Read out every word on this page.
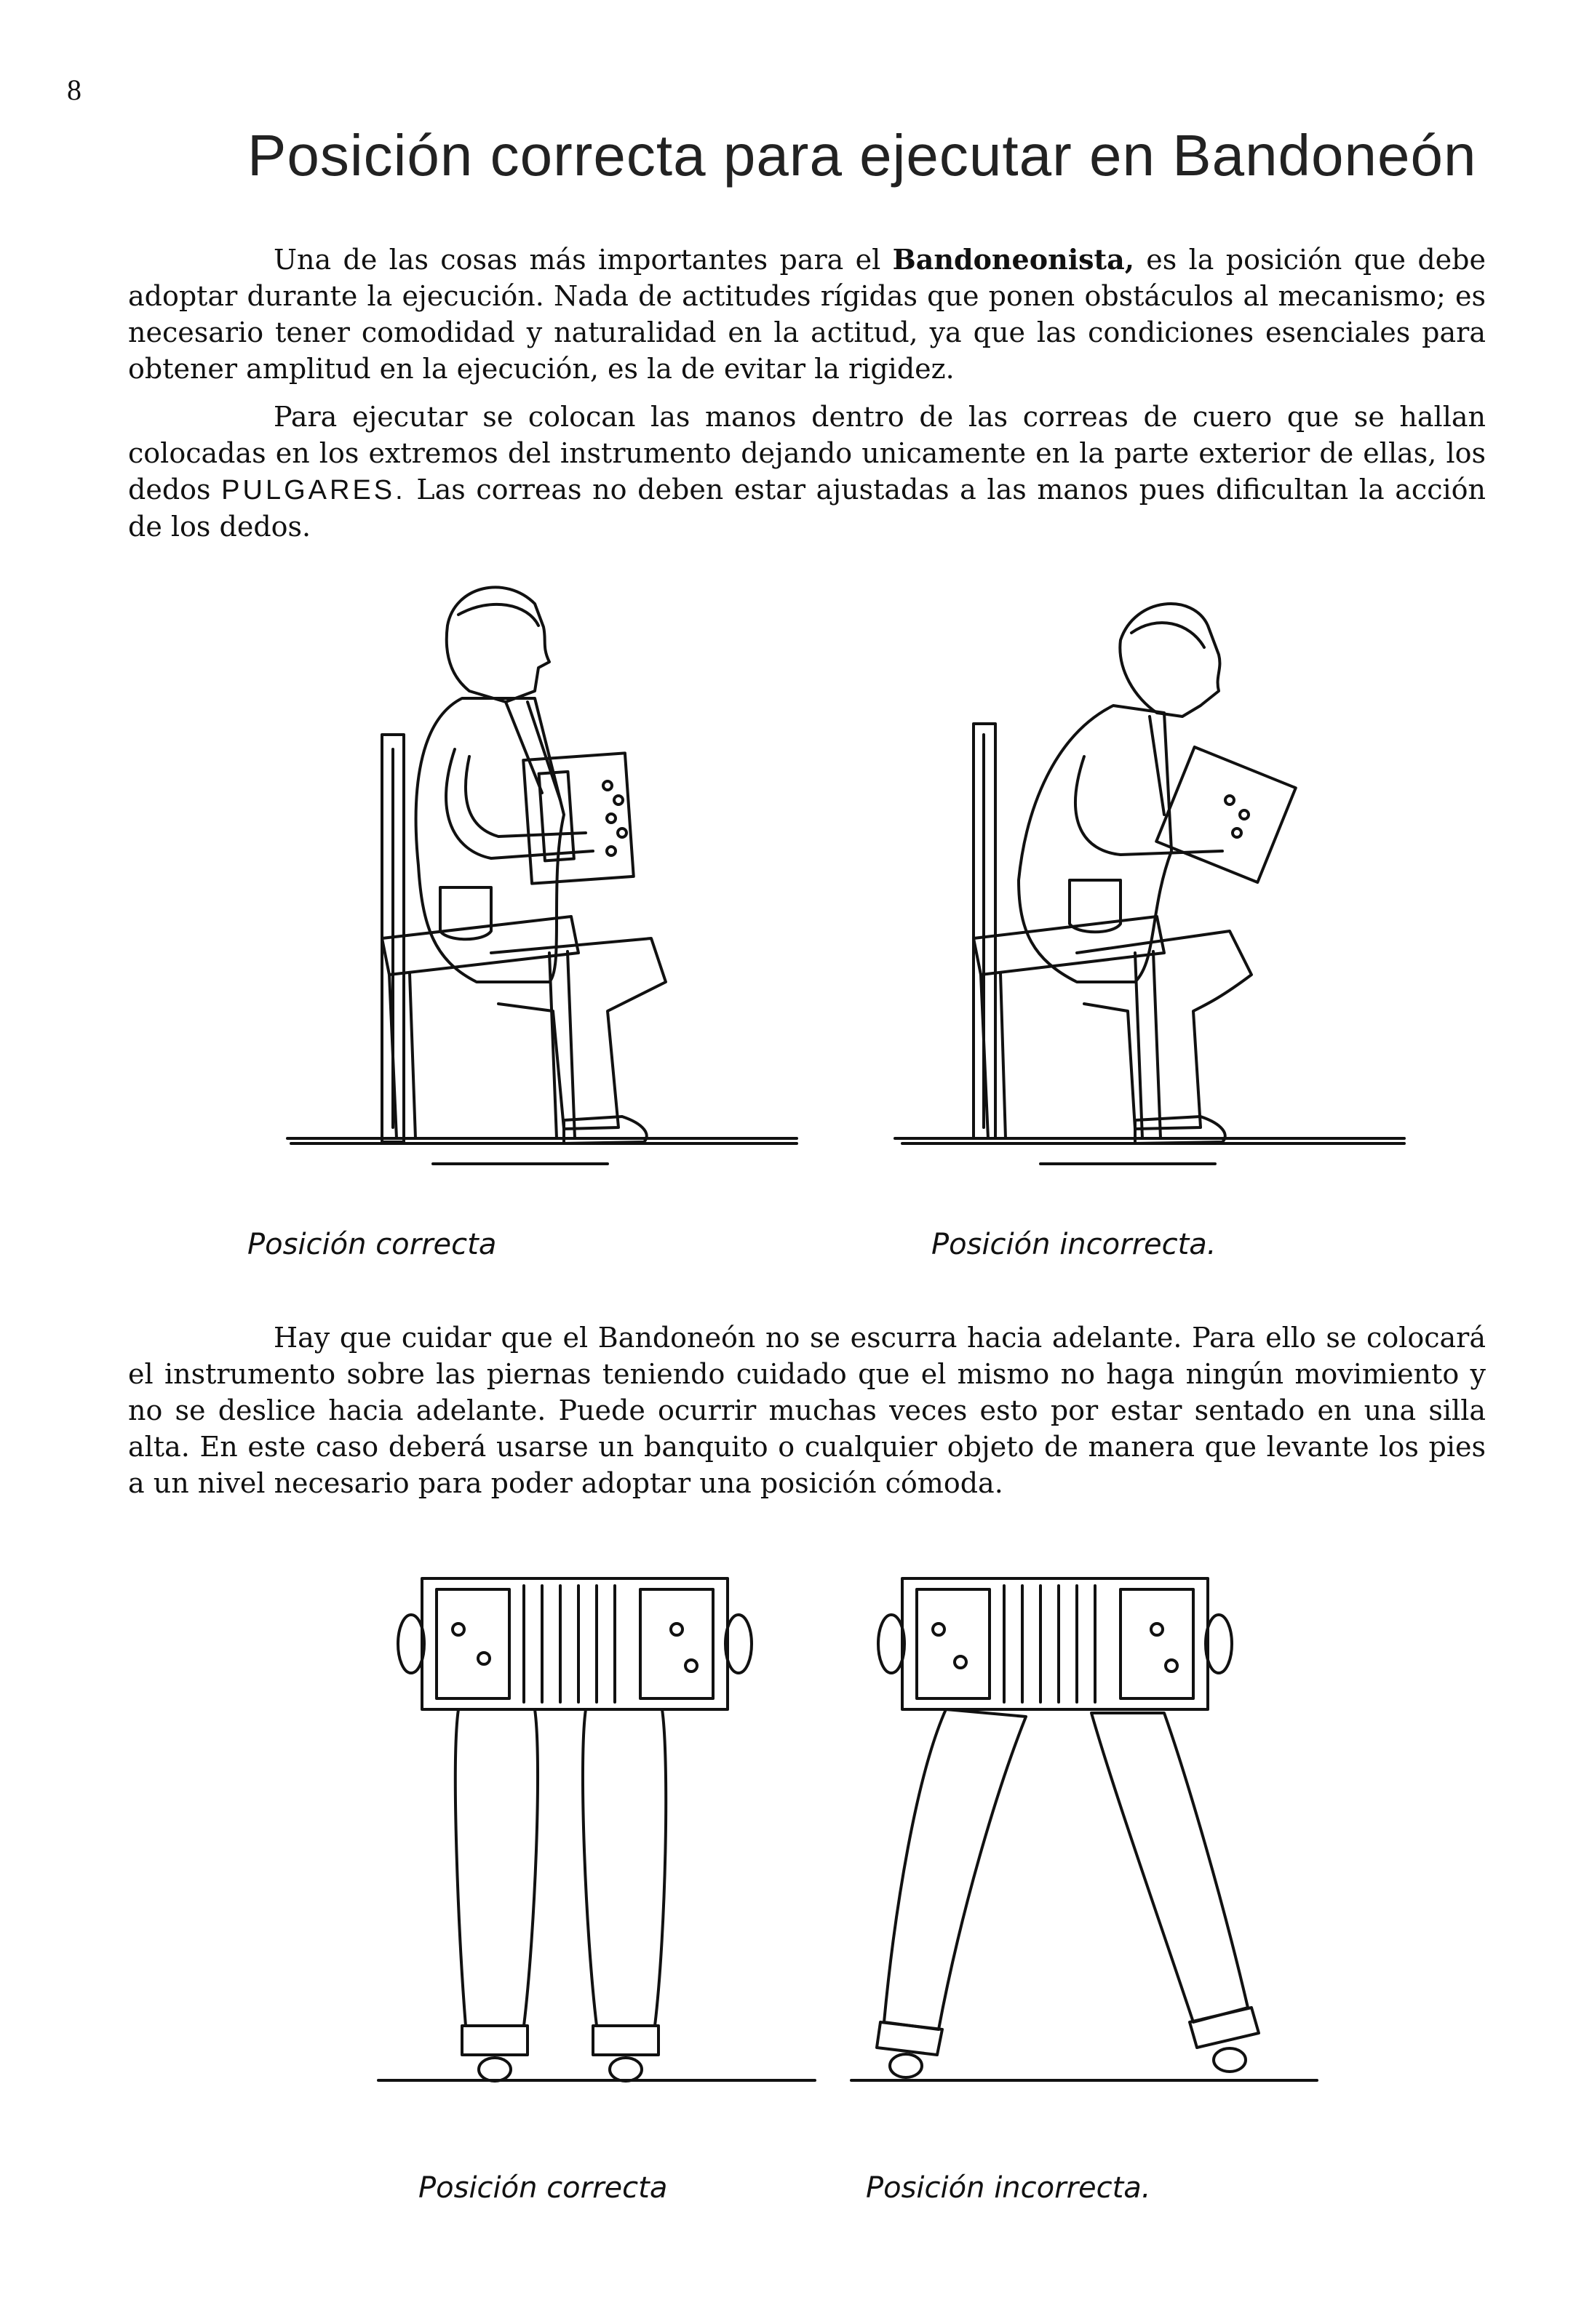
8
Posición correcta para ejecutar en Bandoneón

Una de las cosas más importantes para el Bandoneonista, es la posición que debe adoptar durante la ejecución. Nada de actitudes rígidas que ponen obstáculos al mecanismo; es necesario tener comodidad y naturalidad en la actitud, ya que las condiciones esenciales para obtener amplitud en la ejecución, es la de evitar la rigidez.

Para ejecutar se colocan las manos dentro de las correas de cuero que se hallan colocadas en los extremos del instrumento dejando unicamente en la parte exterior de ellas, los dedos PULGARES. Las correas no deben estar ajustadas a las manos pues dificultan la acción de los dedos.

Posición correcta	Posición incorrecta.

Hay que cuidar que el Bandoneón no se escurra hacia adelante. Para ello se colocará el instrumento sobre las piernas teniendo cuidado que el mismo no haga ningún movimiento y no se deslice hacia adelante. Puede ocurrir muchas veces esto por estar sentado en una silla alta. En este caso deberá usarse un banquito o cualquier objeto de manera que levante los pies a un nivel necesario para poder adoptar una posición cómoda.

Posición correcta	Posición incorrecta.
